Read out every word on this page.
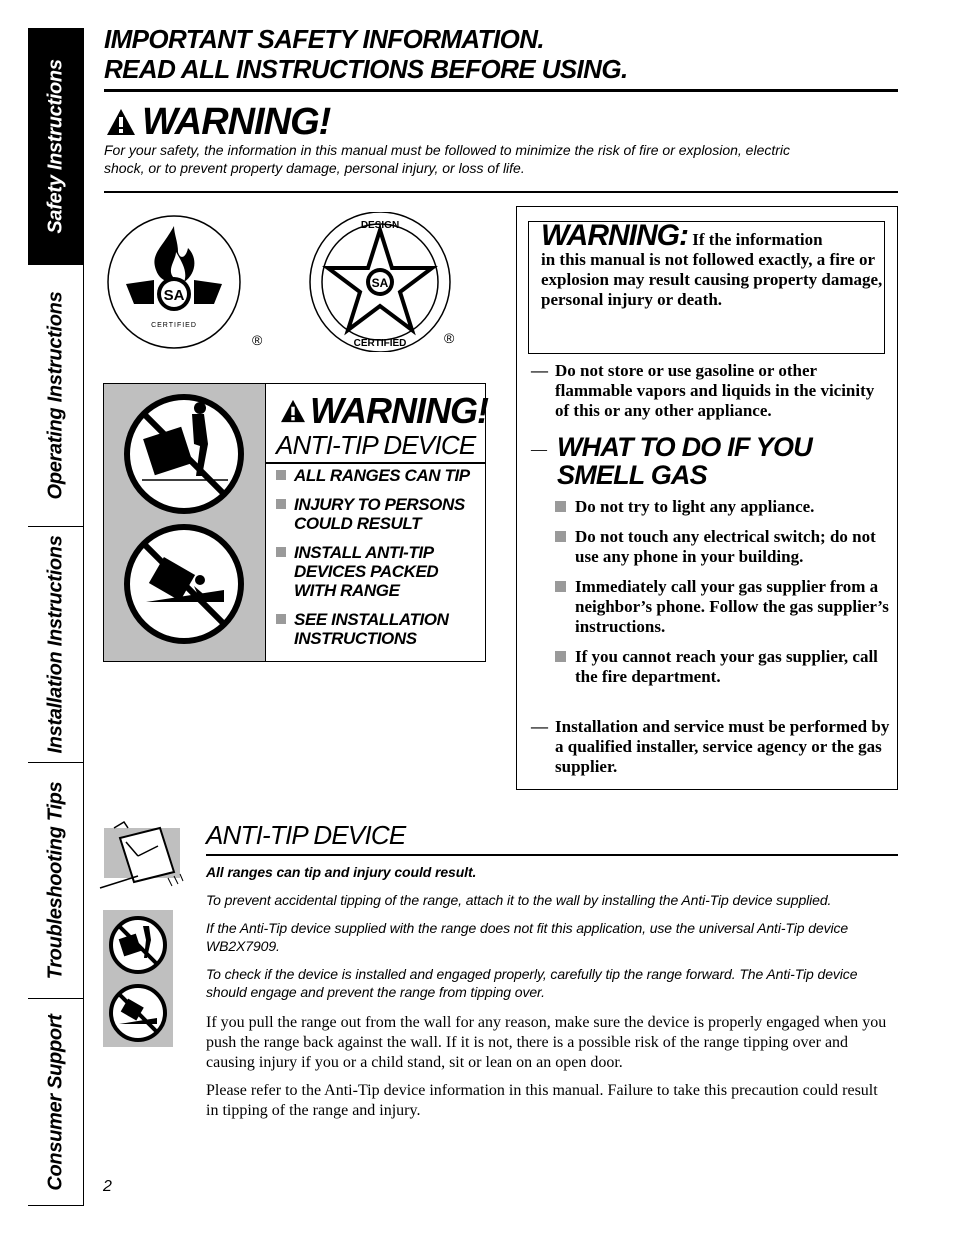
Safety Instructions
Operating Instructions
Installation Instructions
Troubleshooting Tips
Consumer Support
IMPORTANT SAFETY INFORMATION.
READ ALL INSTRUCTIONS BEFORE USING.
WARNING!
For your safety, the information in this manual must be followed to minimize the risk of fire or explosion, electric shock, or to prevent property damage, personal injury, or loss of life.
SA
CERTIFIED
®
SA
DESIGN
CERTIFIED	®
WARNING!
ANTI-TIP DEVICE
ALL RANGES CAN TIP
INJURY TO PERSONS COULD RESULT
INSTALL ANTI-TIP DEVICES PACKED WITH RANGE
SEE INSTALLATION INSTRUCTIONS
WARNING: If the information
in this manual is not followed exactly, a fire or explosion may result causing property damage, personal injury or death.
— Do not store or use gasoline or other flammable vapors and liquids in the vicinity of this or any other appliance.
— WHAT TO DO IF YOU SMELL GAS
Do not try to light any appliance.
Do not touch any electrical switch; do not use any phone in your building.
Immediately call your gas supplier from a neighbor’s phone. Follow the gas supplier’s instructions.
If you cannot reach your gas supplier, call the fire department.
— Installation and service must be performed by a qualified installer, service agency or the gas supplier.
ANTI-TIP DEVICE
All ranges can tip and injury could result.
To prevent accidental tipping of the range, attach it to the wall by installing the Anti-Tip device supplied.
If the Anti-Tip device supplied with the range does not fit this application, use the universal Anti-Tip device WB2X7909.
To check if the device is installed and engaged properly, carefully tip the range forward. The Anti-Tip device should engage and prevent the range from tipping over.
If you pull the range out from the wall for any reason, make sure the device is properly engaged when you push the range back against the wall. If it is not, there is a possible risk of the range tipping over and causing injury if you or a child stand, sit or lean on an open door.
Please refer to the Anti-Tip device information in this manual. Failure to take this precaution could result in tipping of the range and injury.
2
